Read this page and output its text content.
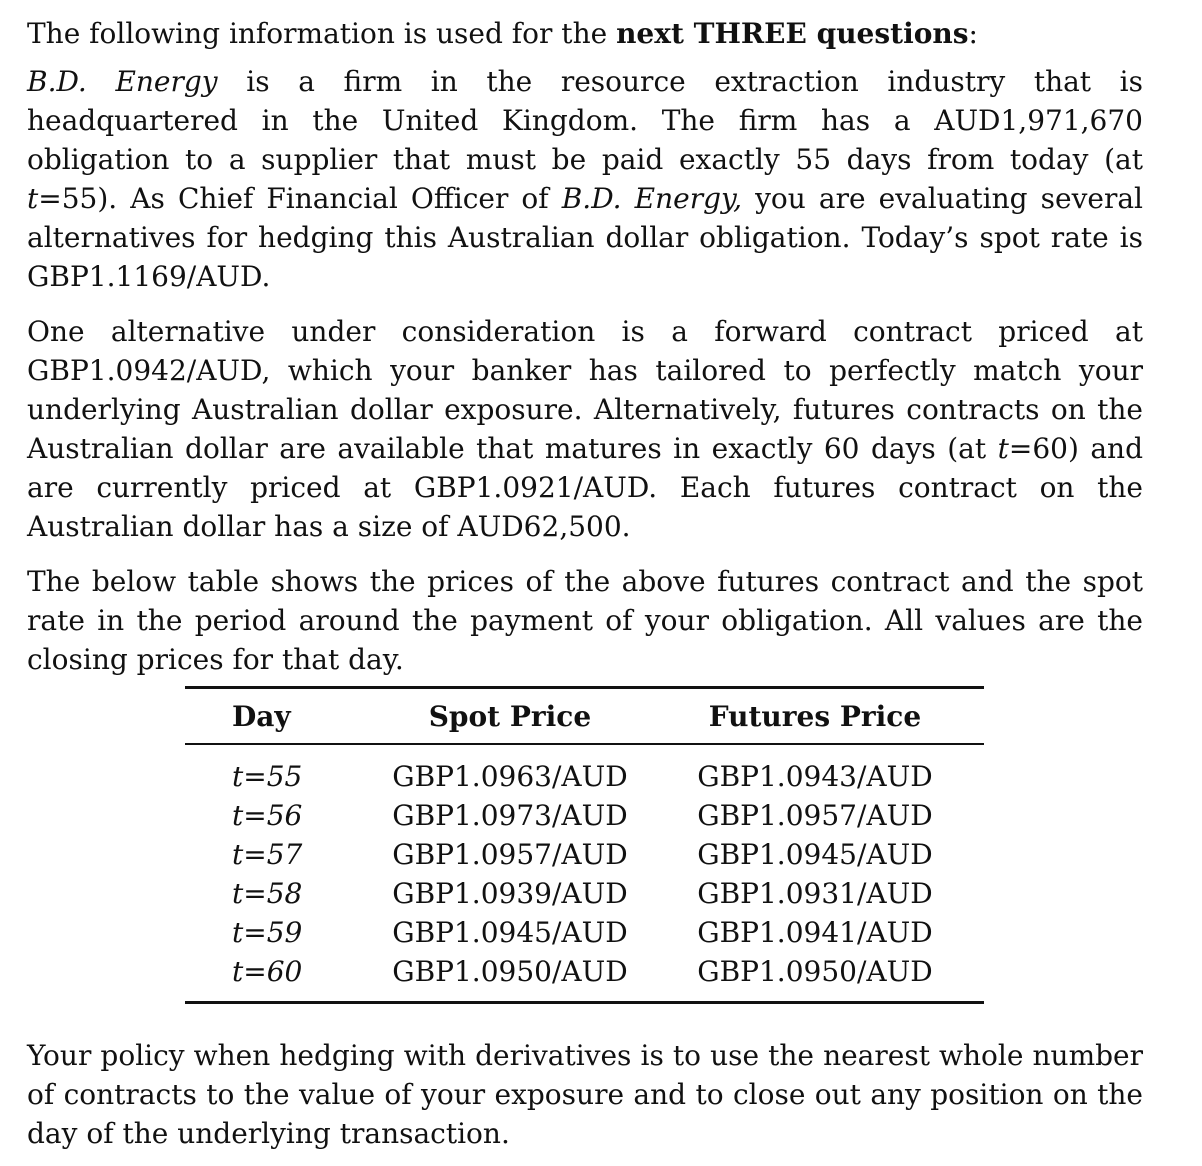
The following information is used for the next THREE questions:

B.D. Energy is a firm in the resource extraction industry that is headquartered in the United Kingdom. The firm has a AUD1,971,670 obligation to a supplier that must be paid exactly 55 days from today (at t=55). As Chief Financial Officer of B.D. Energy, you are evaluating several alternatives for hedging this Australian dollar obligation. Today’s spot rate is GBP1.1169/AUD.

One alternative under consideration is a forward contract priced at GBP1.0942/AUD, which your banker has tailored to perfectly match your underlying Australian dollar exposure. Alternatively, futures contracts on the Australian dollar are available that matures in exactly 60 days (at t=60) and are currently priced at GBP1.0921/AUD. Each futures contract on the Australian dollar has a size of AUD62,500.

The below table shows the prices of the above futures contract and the spot rate in the period around the payment of your obligation. All values are the closing prices for that day.

Day	Spot Price	Futures Price
t=55	GBP1.0963/AUD	GBP1.0943/AUD
t=56	GBP1.0973/AUD	GBP1.0957/AUD
t=57	GBP1.0957/AUD	GBP1.0945/AUD
t=58	GBP1.0939/AUD	GBP1.0931/AUD
t=59	GBP1.0945/AUD	GBP1.0941/AUD
t=60	GBP1.0950/AUD	GBP1.0950/AUD

Your policy when hedging with derivatives is to use the nearest whole number of contracts to the value of your exposure and to close out any position on the day of the underlying transaction.
